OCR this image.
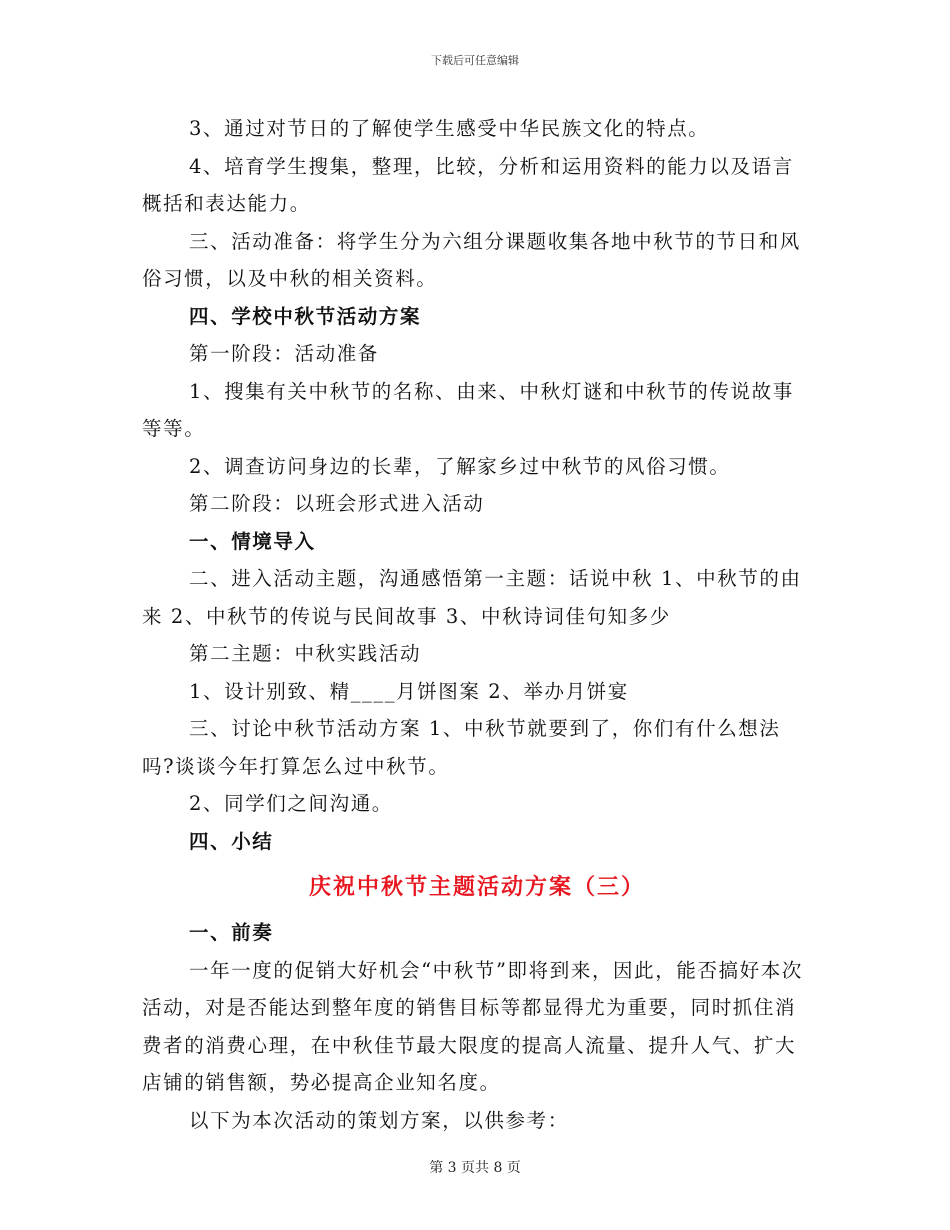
下载后可任意编辑

3、通过对节日的了解使学生感受中华民族文化的特点。

4、培育学生搜集，整理，比较，分析和运用资料的能力以及语言概括和表达能力。

三、活动准备：将学生分为六组分课题收集各地中秋节的节日和风俗习惯，以及中秋的相关资料。

四、学校中秋节活动方案

第一阶段：活动准备

1、搜集有关中秋节的名称、由来、中秋灯谜和中秋节的传说故事等等。

2、调查访问身边的长辈，了解家乡过中秋节的风俗习惯。

第二阶段：以班会形式进入活动

一、情境导入

二、进入活动主题，沟通感悟第一主题：话说中秋 1、中秋节的由来 2、中秋节的传说与民间故事 3、中秋诗词佳句知多少

第二主题：中秋实践活动

1、设计别致、精____月饼图案 2、举办月饼宴

三、讨论中秋节活动方案 1、中秋节就要到了，你们有什么想法吗?谈谈今年打算怎么过中秋节。

2、同学们之间沟通。

四、小结

庆祝中秋节主题活动方案（三）

一、前奏

一年一度的促销大好机会“中秋节”即将到来，因此，能否搞好本次活动，对是否能达到整年度的销售目标等都显得尤为重要，同时抓住消费者的消费心理，在中秋佳节最大限度的提高人流量、提升人气、扩大店铺的销售额，势必提高企业知名度。

以下为本次活动的策划方案，以供参考：

第 3 页共 8 页
